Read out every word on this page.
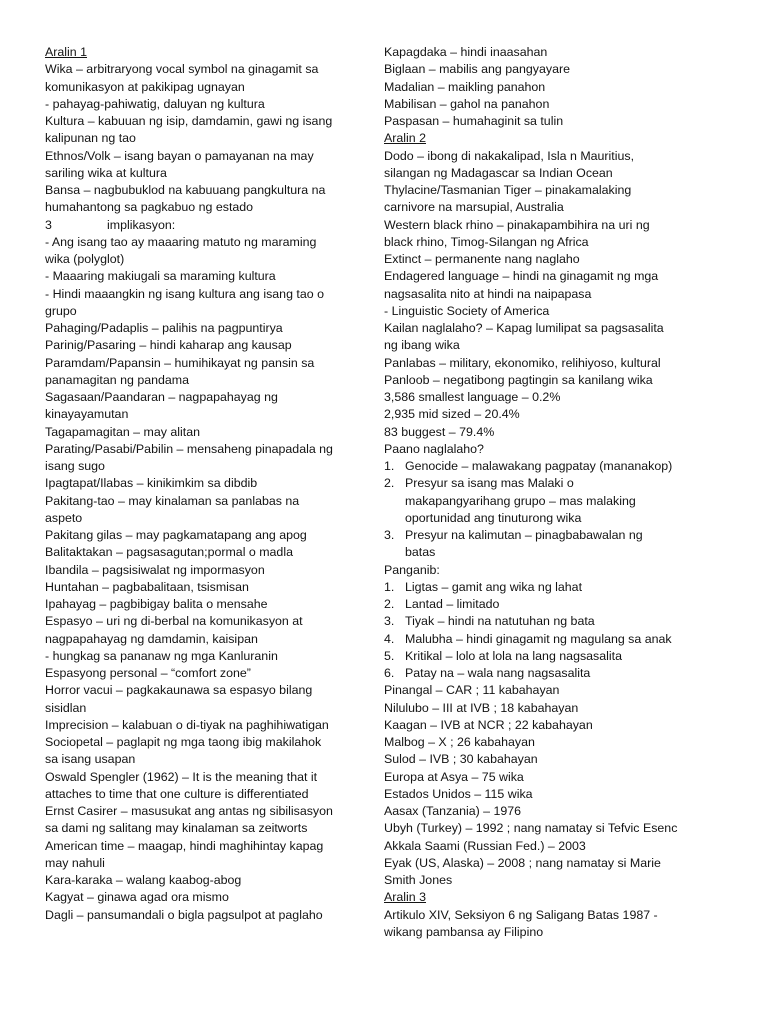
Aralin 1
Wika – arbitraryong vocal symbol na ginagamit sa
komunikasyon at pakikipag ugnayan
- pahayag-pahiwatig, daluyan ng kultura
Kultura – kabuuan ng isip, damdamin, gawi ng isang
kalipunan ng tao
Ethnos/Volk – isang bayan o pamayanan na may
sariling wika at kultura
Bansa – nagbubuklod na kabuuang pangkultura na
humahantong sa pagkabuo ng estado
3	implikasyon:
- Ang isang tao ay maaaring matuto ng maraming
wika (polyglot)
- Maaaring makiugali sa maraming kultura
- Hindi maaangkin ng isang kultura ang isang tao o
grupo
Pahaging/Padaplis – palihis na pagpuntirya
Parinig/Pasaring – hindi kaharap ang kausap
Paramdam/Papansin – humihikayat ng pansin sa
panamagitan ng pandama
Sagasaan/Paandaran – nagpapahayag ng
kinayayamutan
Tagapamagitan – may alitan
Parating/Pasabi/Pabilin – mensaheng pinapadala ng
isang sugo
Ipagtapat/Ilabas – kinikimkim sa dibdib
Pakitang-tao – may kinalaman sa panlabas na
aspeto
Pakitang gilas – may pagkamatapang ang apog
Balitaktakan – pagsasagutan;pormal o madla
Ibandila – pagsisiwalat ng impormasyon
Huntahan – pagbabalitaan, tsismisan
Ipahayag – pagbibigay balita o mensahe
Espasyo – uri ng di-berbal na komunikasyon at
nagpapahayag ng damdamin, kaisipan
- hungkag sa pananaw ng mga Kanluranin
Espasyong personal – “comfort zone”
Horror vacui – pagkakaunawa sa espasyo bilang
sisidlan
Imprecision – kalabuan o di-tiyak na paghihiwatigan
Sociopetal – paglapit ng mga taong ibig makilahok
sa isang usapan
Oswald Spengler (1962) – It is the meaning that it
attaches to time that one culture is differentiated
Ernst Casirer – masusukat ang antas ng sibilisasyon
sa dami ng salitang may kinalaman sa zeitworts
American time – maagap, hindi maghihintay kapag
may nahuli
Kara-karaka – walang kaabog-abog
Kagyat – ginawa agad ora mismo
Dagli – pansumandali o bigla pagsulpot at paglaho
Kapagdaka – hindi inaasahan
Biglaan – mabilis ang pangyayare
Madalian – maikling panahon
Mabilisan – gahol na panahon
Paspasan – humahaginit sa tulin
Aralin 2
Dodo – ibong di nakakalipad, Isla n Mauritius,
silangan ng Madagascar sa Indian Ocean
Thylacine/Tasmanian Tiger – pinakamalaking
carnivore na marsupial, Australia
Western black rhino – pinakapambihira na uri ng
black rhino, Timog-Silangan ng Africa
Extinct – permanente nang naglaho
Endagered language – hindi na ginagamit ng mga
nagsasalita nito at hindi na naipapasa
- Linguistic Society of America
Kailan naglalaho? – Kapag lumilipat sa pagsasalita
ng ibang wika
Panlabas – military, ekonomiko, relihiyoso, kultural
Panloob – negatibong pagtingin sa kanilang wika
3,586 smallest language – 0.2%
2,935 mid sized – 20.4%
83 buggest – 79.4%
Paano naglalaho?
1. Genocide – malawakang pagpatay (mananakop)
2. Presyur sa isang mas Malaki o
makapangyarihang grupo – mas malaking
oportunidad ang tinuturong wika
3. Presyur na kalimutan – pinagbabawalan ng
batas
Panganib:
1. Ligtas – gamit ang wika ng lahat
2. Lantad – limitado
3. Tiyak – hindi na natutuhan ng bata
4. Malubha – hindi ginagamit ng magulang sa anak
5. Kritikal – lolo at lola na lang nagsasalita
6. Patay na – wala nang nagsasalita
Pinangal – CAR ; 11 kabahayan
Nilulubo – III at IVB ; 18 kabahayan
Kaagan – IVB at NCR ; 22 kabahayan
Malbog – X ; 26 kabahayan
Sulod – IVB ; 30 kabahayan
Europa at Asya – 75 wika
Estados Unidos – 115 wika
Aasax (Tanzania) – 1976
Ubyh (Turkey) – 1992 ; nang namatay si Tefvic Esenc
Akkala Saami (Russian Fed.) – 2003
Eyak (US, Alaska) – 2008 ; nang namatay si Marie
Smith Jones
Aralin 3
Artikulo XIV, Seksiyon 6 ng Saligang Batas 1987 -
wikang pambansa ay Filipino
